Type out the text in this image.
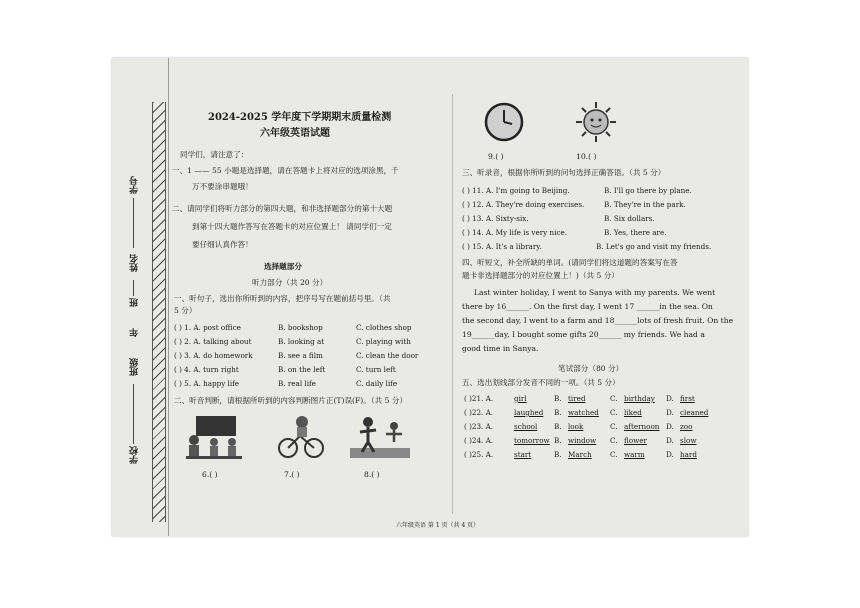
学号
姓名
班
年
班级
学校
2024-2025 学年度下学期期末质量检测
六年级英语试题
同学们，请注意了：
一、1 —— 55 小题是选择题，请在答题卡上将对应的选项涂黑，千
万不要涂串题哦！
二、请同学们将听力部分的第四大题，和非选择题部分的第十大题
到第十四大题作答写在答题卡的对应位置上！ 请同学们一定
要仔细认真作答！
选择题部分
听力部分（共 20 分）
一、听句子，选出你所听到的内容，把序号写在题前括号里。（共
5 分）
( ) 1. A. post office	B. bookshop	C. clothes shop
( ) 2. A. talking about	B. looking at	C. playing with
( ) 3. A. do homework	B. see a film	C. clean the door
( ) 4. A. turn right	B. on the left	C. turn left
( ) 5. A. happy life	B. real life	C. daily life
二、听音判断，请根据所听到的内容判断图片正(T)误(F)。（共 5 分）
6.( )	7.( )	8.( )
9.( )	10.( )
三、听录音，根据你所听到的问句选择正确答语。（共 5 分）
( ) 11. A. I'm going to Beijing.	B. I'll go there by plane.
( ) 12. A. They're doing exercises.	B. They're in the park.
( ) 13. A. Sixty-six.	B. Six dollars.
( ) 14. A. My life is very nice.	B. Yes, there are.
( ) 15. A. It's a library.	B. Let's go and visit my friends.
四、听短文，补全所缺的单词。(请同学们将这道题的答案写在答
题卡非选择题部分的对应位置上！)（共 5 分）
Last winter holiday, I went to Sanya with my parents. We went
there by 16______. On the first day, I went 17 ______in the sea. On
the second day, I went to a farm and 18______lots of fresh fruit. On the
19______day, I bought some gifts 20______ my friends. We had a
good time in Sanya.
笔试部分（80 分）
五、选出划线部分发音不同的一项。（共 5 分）
( )21. A.	girl	B. tired	C. birthday D. first
( )22. A.	laughed B. watched C. liked	D. cleaned
( )23. A.	school B. look	C. afternoon D. zoo
( )24. A.	tomorrow B. window C. flower	D. slow
( )25. A.	start	B. March	C. warm	D. hard
六年级英语 第 1 页（共 4 页）
